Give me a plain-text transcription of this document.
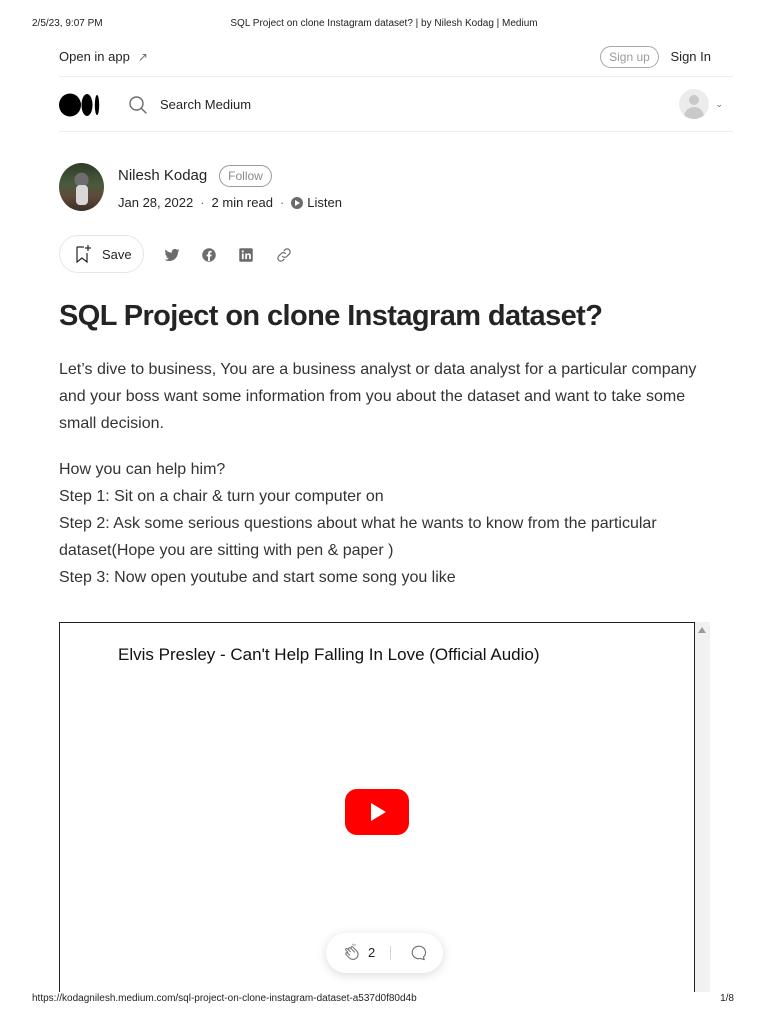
2/5/23, 9:07 PM	SQL Project on clone Instagram dataset? | by Nilesh Kodag | Medium
Open in app ↗	Sign up	Sign In
Search Medium	⌄
Nilesh Kodag	Follow
Jan 28, 2022 · 2 min read · Listen
Save
SQL Project on clone Instagram dataset?

Let’s dive to business, You are a business analyst or data analyst for a particular company and your boss want some information from you about the dataset and want to take some small decision.

How you can help him?
Step 1: Sit on a chair & turn your computer on
Step 2: Ask some serious questions about what he wants to know from the particular dataset(Hope you are sitting with pen & paper )
Step 3: Now open youtube and start some song you like
Elvis Presley - Can't Help Falling In Love (Official Audio)
2
https://kodagnilesh.medium.com/sql-project-on-clone-instagram-dataset-a537d0f80d4b	1/8
